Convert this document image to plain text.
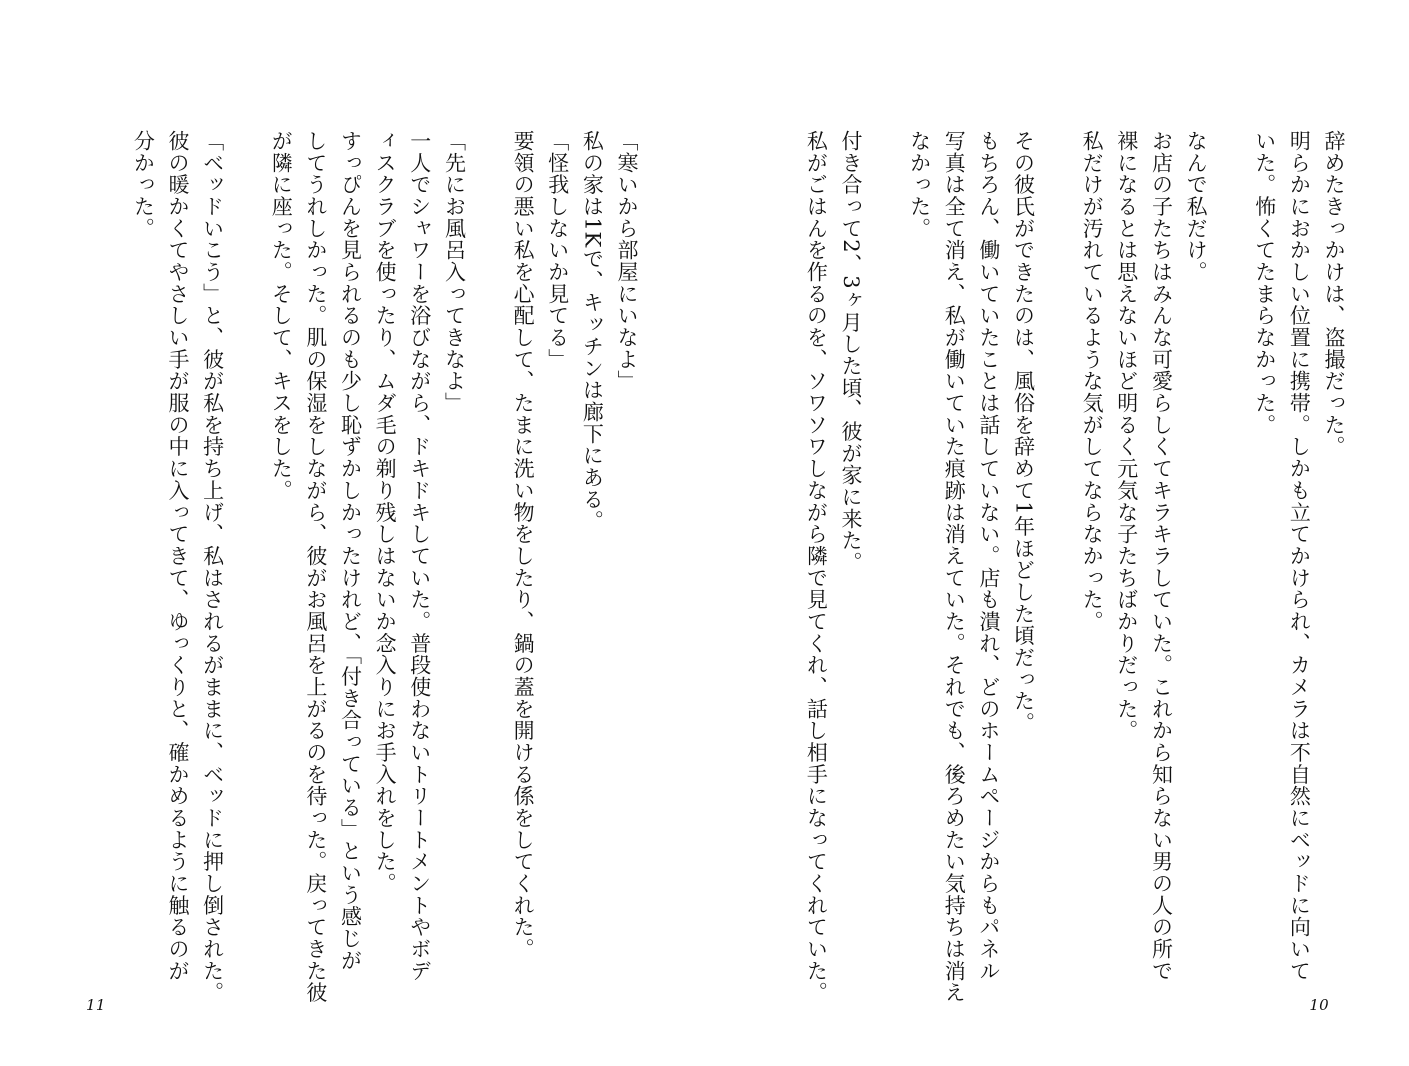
辞めたきっかけは、盗撮だった。
明らかにおかしい位置に携帯。しかも立てかけられ、カメラは不自然にベッドに向いて
いた。怖くてたまらなかった。
なんで私だけ。
お店の子たちはみんな可愛らしくてキラキラしていた。これから知らない男の人の所で
裸になるとは思えないほど明るく元気な子たちばかりだった。
私だけが汚れているような気がしてならなかった。
その彼氏ができたのは、風俗を辞めて1年ほどした頃だった。
もちろん、働いていたことは話していない。店も潰れ、どのホームページからもパネル
写真は全て消え、私が働いていた痕跡は消えていた。それでも、後ろめたい気持ちは消え
なかった。
付き合って2、3ヶ月した頃、彼が家に来た。
私がごはんを作るのを、ソワソワしながら隣で見てくれ、話し相手になってくれていた。
10
「寒いから部屋にいなよ」
私の家は1Kで、キッチンは廊下にある。
「怪我しないか見てる」
要領の悪い私を心配して、たまに洗い物をしたり、鍋の蓋を開ける係をしてくれた。
「先にお風呂入ってきなよ」
一人でシャワーを浴びながら、ドキドキしていた。普段使わないトリートメントやボデ
ィスクラブを使ったり、ムダ毛の剃り残しはないか念入りにお手入れをした。
すっぴんを見られるのも少し恥ずかしかったけれど、「付き合っている」という感じが
してうれしかった。肌の保湿をしながら、彼がお風呂を上がるのを待った。戻ってきた彼
が隣に座った。そして、キスをした。
「ベッドいこう」と、彼が私を持ち上げ、私はされるがままに、ベッドに押し倒された。
彼の暖かくてやさしい手が服の中に入ってきて、ゆっくりと、確かめるように触るのが
分かった。
11
